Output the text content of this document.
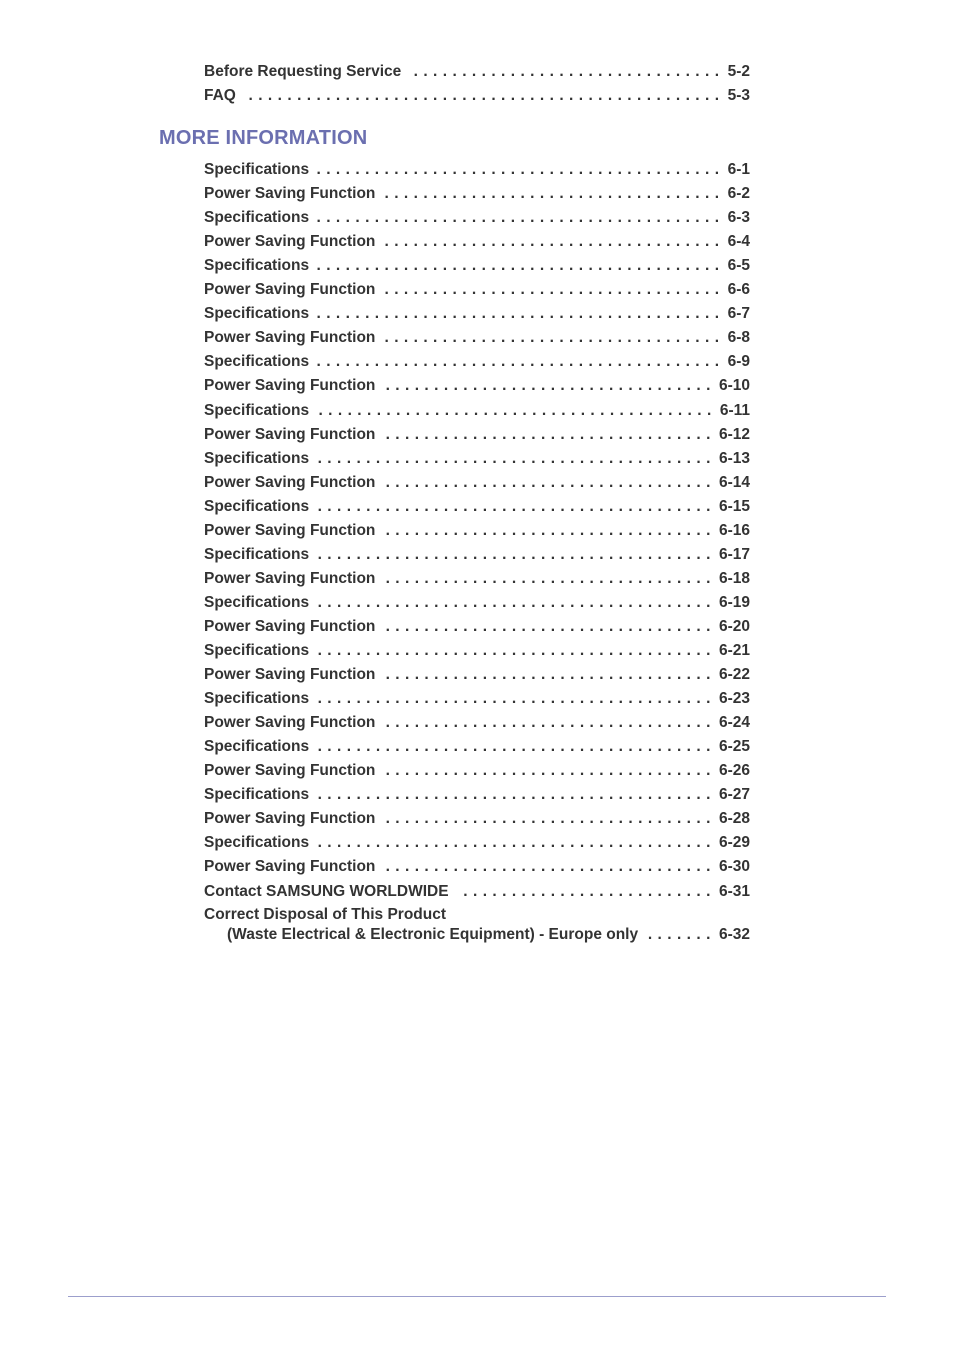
Before Requesting Service . . .	5-2
FAQ . . .	5-3
MORE INFORMATION
Specifications . . .	6-1
Power Saving Function . . .	6-2
Specifications . . .	6-3
Power Saving Function . . .	6-4
Specifications . . .	6-5
Power Saving Function . . .	6-6
Specifications . . .	6-7
Power Saving Function . . .	6-8
Specifications . . .	6-9
Power Saving Function . . .	6-10
Specifications . . .	6-11
Power Saving Function . . .	6-12
Specifications . . .	6-13
Power Saving Function . . .	6-14
Specifications . . .	6-15
Power Saving Function . . .	6-16
Specifications . . .	6-17
Power Saving Function . . .	6-18
Specifications . . .	6-19
Power Saving Function . . .	6-20
Specifications . . .	6-21
Power Saving Function . . .	6-22
Specifications . . .	6-23
Power Saving Function . . .	6-24
Specifications . . .	6-25
Power Saving Function . . .	6-26
Specifications . . .	6-27
Power Saving Function . . .	6-28
Specifications . . .	6-29
Power Saving Function . . .	6-30
Contact SAMSUNG WORLDWIDE . . .	6-31
Correct Disposal of This Product
(Waste Electrical & Electronic Equipment) - Europe only . . .	6-32
